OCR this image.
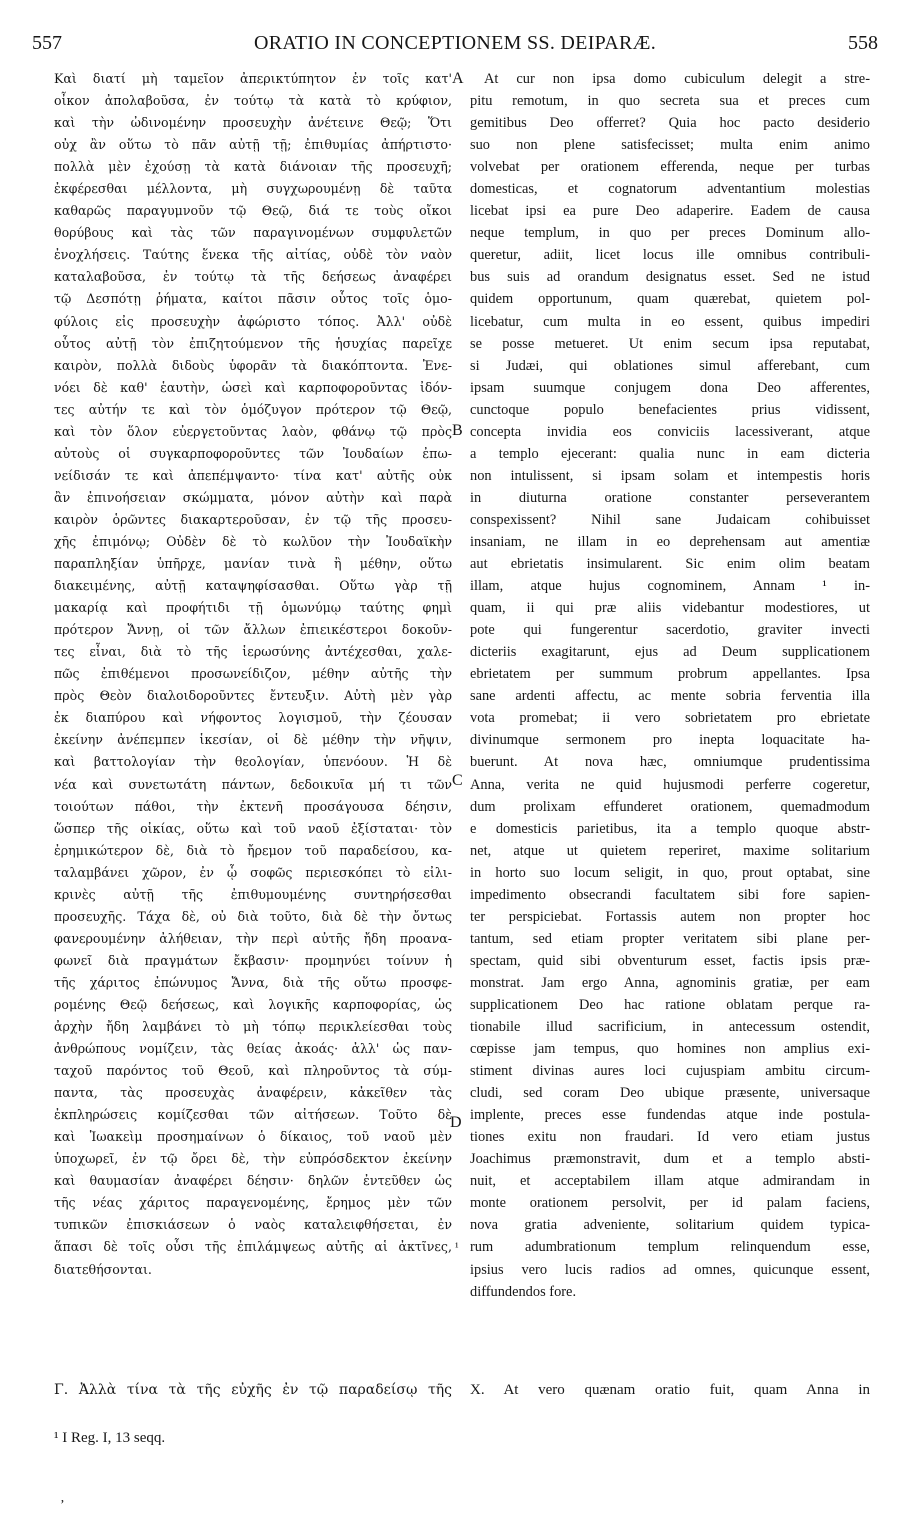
557	ORATIO IN CONCEPTIONEM SS. DEIPARÆ.	558
Καὶ διατί μὴ ταμεῖον ἀπερικτύπητον ἐν τοῖς κατ'
οἶκον ἀπολαβοῦσα, ἐν τούτῳ τὰ κατὰ τὸ κρύφιον,
καὶ τὴν ὠδινομένην προσευχὴν ἀνέτεινε Θεῷ; Ὅτι
οὐχ ἂν οὕτω τὸ πᾶν αὐτῇ τῇ; ἐπιθυμίας ἀπήρτιστο·
πολλὰ μὲν ἐχούσῃ τὰ κατὰ διάνοιαν τῆς προσευχῆ;
ἐκφέρεσθαι μέλλοντα, μὴ συγχωρουμένῃ δὲ ταῦτα
καθαρῶς παραγυμνοῦν τῷ Θεῷ, διά τε τοὺς οἴκοι
θορύβους καὶ τὰς τῶν παραγινομένων συμφυλετῶν
ἐνοχλήσεις. Ταύτης ἕνεκα τῆς αἰτίας, οὐδὲ τὸν ναὸν
καταλαβοῦσα, ἐν τούτῳ τὰ τῆς δεήσεως ἀναφέρει
τῷ Δεσπότῃ ῥήματα, καίτοι πᾶσιν οὗτος τοῖς ὁμο-
φύλοις εἰς προσευχὴν ἀφώριστο τόπος. Ἀλλ' οὐδὲ
οὗτος αὐτῇ τὸν ἐπιζητούμενον τῆς ἡσυχίας παρεῖχε
καιρὸν, πολλὰ διδοὺς ὑφορᾶν τὰ διακόπτοντα. Ἐνε-
νόει δὲ καθ' ἑαυτὴν, ὡσεὶ καὶ καρποφοροῦντας ἰδόν-
τες αὐτήν τε καὶ τὸν ὁμόζυγον πρότερον τῷ Θεῷ,
καὶ τὸν ὅλον εὐεργετοῦντας λαὸν, φθάνῳ τῷ πρὸς
αὐτοὺς οἱ συγκαρποφοροῦντες τῶν Ἰουδαίων ἐπω-
νείδισάν τε καὶ ἀπεπέμψαντο· τίνα κατ' αὐτῆς οὐκ
ἂν ἐπινοήσειαν σκώμματα, μόνον αὐτὴν καὶ παρὰ
καιρὸν ὁρῶντες διακαρτεροῦσαν, ἐν τῷ τῆς προσευ-
χῆς ἐπιμόνῳ; Οὐδὲν δὲ τὸ κωλῦον τὴν Ἰουδαϊκὴν
παραπληξίαν ὑπῆρχε, μανίαν τινὰ ἢ μέθην, οὕτω
διακειμένης, αὐτῇ καταψηφίσασθαι. Οὕτω γὰρ τῇ
μακαρίᾳ καὶ προφήτιδι τῇ ὁμωνύμῳ ταύτης φημὶ
πρότερον Ἄννῃ, οἱ τῶν ἄλλων ἐπιεικέστεροι δοκοῦν-
τες εἶναι, διὰ τὸ τῆς ἱερωσύνης ἀντέχεσθαι, χαλε-
πῶς ἐπιθέμενοι προσωνείδιζον, μέθην αὐτῆς τὴν
πρὸς Θεὸν διαλοιδοροῦντες ἔντευξιν. Αὐτὴ μὲν γὰρ
ἐκ διαπύρου καὶ νήφοντος λογισμοῦ, τὴν ζέουσαν
ἐκείνην ἀνέπεμπεν ἱκεσίαν, οἱ δὲ μέθην τὴν νῆψιν,
καὶ βαττολογίαν τὴν θεολογίαν, ὑπενόουν. Ἡ δὲ
νέα καὶ συνετωτάτη πάντων, δεδοικυῖα μή τι τῶν
τοιούτων πάθοι, τὴν ἐκτενῆ προσάγουσα δέησιν,
ὥσπερ τῆς οἰκίας, οὕτω καὶ τοῦ ναοῦ ἐξίσταται· τὸν
ἐρημικώτερον δὲ, διὰ τὸ ἤρεμον τοῦ παραδείσου, κα-
ταλαμβάνει χῶρον, ἐν ᾧ σοφῶς περιεσκόπει τὸ εἰλι-
κρινὲς αὐτῇ τῆς ἐπιθυμουμένης συντηρήσεσθαι
προσευχῆς. Τάχα δὲ, οὐ διὰ τοῦτο, διὰ δὲ τὴν ὄντως
φανερουμένην ἀλήθειαν, τὴν περὶ αὐτῆς ἤδη προανα-
φωνεῖ διὰ πραγμάτων ἔκβασιν· προμηνύει τοίνυν ἡ
τῆς χάριτος ἐπώνυμος Ἄννα, διὰ τῆς οὕτω προσφε-
ρομένης Θεῷ δεήσεως, καὶ λογικῆς καρποφορίας, ὡς
ἀρχὴν ἤδη λαμβάνει τὸ μὴ τόπῳ περικλείεσθαι τοὺς
ἀνθρώπους νομίζειν, τὰς θείας ἀκοάς· ἀλλ' ὡς παν-
ταχοῦ παρόντος τοῦ Θεοῦ, καὶ πληροῦντος τὰ σύμ-
παντα, τὰς προσευχὰς ἀναφέρειν, κἀκεῖθεν τὰς
ἐκπληρώσεις κομίζεσθαι τῶν αἰτήσεων. Τοῦτο δὲ
καὶ Ἰωακεὶμ προσημαίνων ὁ δίκαιος, τοῦ ναοῦ μὲν
ὑποχωρεῖ, ἐν τῷ ὄρει δὲ, τὴν εὐπρόσδεκτον ἐκείνην
καὶ θαυμασίαν ἀναφέρει δέησιν· δηλῶν ἐντεῦθεν ὡς
τῆς νέας χάριτος παραγενομένης, ἔρημος μὲν τῶν
τυπικῶν ἐπισκιάσεων ὁ ναὸς καταλειφθήσεται, ἐν
ἅπασι δὲ τοῖς οὖσι τῆς ἐπιλάμψεως αὐτῆς αἱ ἀκτῖνες,
διατεθήσονται.
At cur non ipsa domo cubiculum delegit a stre-
pitu remotum, in quo secreta sua et preces cum
gemitibus Deo offerret? Quia hoc pacto desiderio
suo non plene satisfecisset; multa enim animo
volvebat per orationem efferenda, neque per turbas
domesticas, et cognatorum adventantium molestias
licebat ipsi ea pure Deo adaperire. Eadem de causa
neque templum, in quo per preces Dominum allo-
queretur, adiit, licet locus ille omnibus contribuli-
bus suis ad orandum designatus esset. Sed ne istud
quidem opportunum, quam quærebat, quietem pol-
licebatur, cum multa in eo essent, quibus impediri
se posse metueret. Ut enim secum ipsa reputabat,
si Judæi, qui oblationes simul afferebant, cum
ipsam suumque conjugem dona Deo afferentes,
cunctoque populo benefacientes prius vidissent,
concepta invidia eos conviciis lacessiverant, atque
a templo ejecerant: qualia nunc in eam dicteria
non intulissent, si ipsam solam et intempestis horis
in diuturna oratione constanter perseverantem
conspexissent? Nihil sane Judaicam cohibuisset
insaniam, ne illam in eo deprehensam aut amentiæ
aut ebrietatis insimularent. Sic enim olim beatam
illam, atque hujus cognominem, Annam ¹ in-
quam, ii qui præ aliis videbantur modestiores, ut
pote qui fungerentur sacerdotio, graviter invecti
dicteriis exagitarunt, ejus ad Deum supplicationem
ebrietatem per summum probrum appellantes. Ipsa
sane ardenti affectu, ac mente sobria ferventia illa
vota promebat; ii vero sobrietatem pro ebrietate
divinumque sermonem pro inepta loquacitate ha-
buerunt. At nova hæc, omniumque prudentissima
Anna, verita ne quid hujusmodi perferre cogeretur,
dum prolixam effunderet orationem, quemadmodum
e domesticis parietibus, ita a templo quoque abstr-
net, atque ut quietem reperiret, maxime solitarium
in horto suo locum seligit, in quo, prout optabat, sine
impedimento obsecrandi facultatem sibi fore sapien-
ter perspiciebat. Fortassis autem non propter hoc
tantum, sed etiam propter veritatem sibi plane per-
spectam, quid sibi obventurum esset, factis ipsis præ-
monstrat. Jam ergo Anna, agnominis gratiæ, per eam
supplicationem Deo hac ratione oblatam perque ra-
tionabile illud sacrificium, in antecessum ostendit,
cœpisse jam tempus, quo homines non amplius exi-
stiment divinas aures loci cujuspiam ambitu circum-
cludi, sed coram Deo ubique præsente, universaque
implente, preces esse fundendas atque inde postula-
tiones exitu non fraudari. Id vero etiam justus
Joachimus præmonstravit, dum et a templo absti-
nuit, et acceptabilem illam atque admirandam in
monte orationem persolvit, per id palam faciens,
nova gratia adveniente, solitarium quidem typica-
rum adumbrationum templum relinquendum esse,
ipsius vero lucis radios ad omnes, quicunque essent,
diffundendos fore.
A
B
C
D
¹
Γ. Ἀλλὰ τίνα τὰ τῆς εὐχῆς ἐν τῷ παραδείσῳ τῆς X. At vero quænam oratio fuit, quam Anna in
¹ I Reg. I, 13 seqq.
ʼ
